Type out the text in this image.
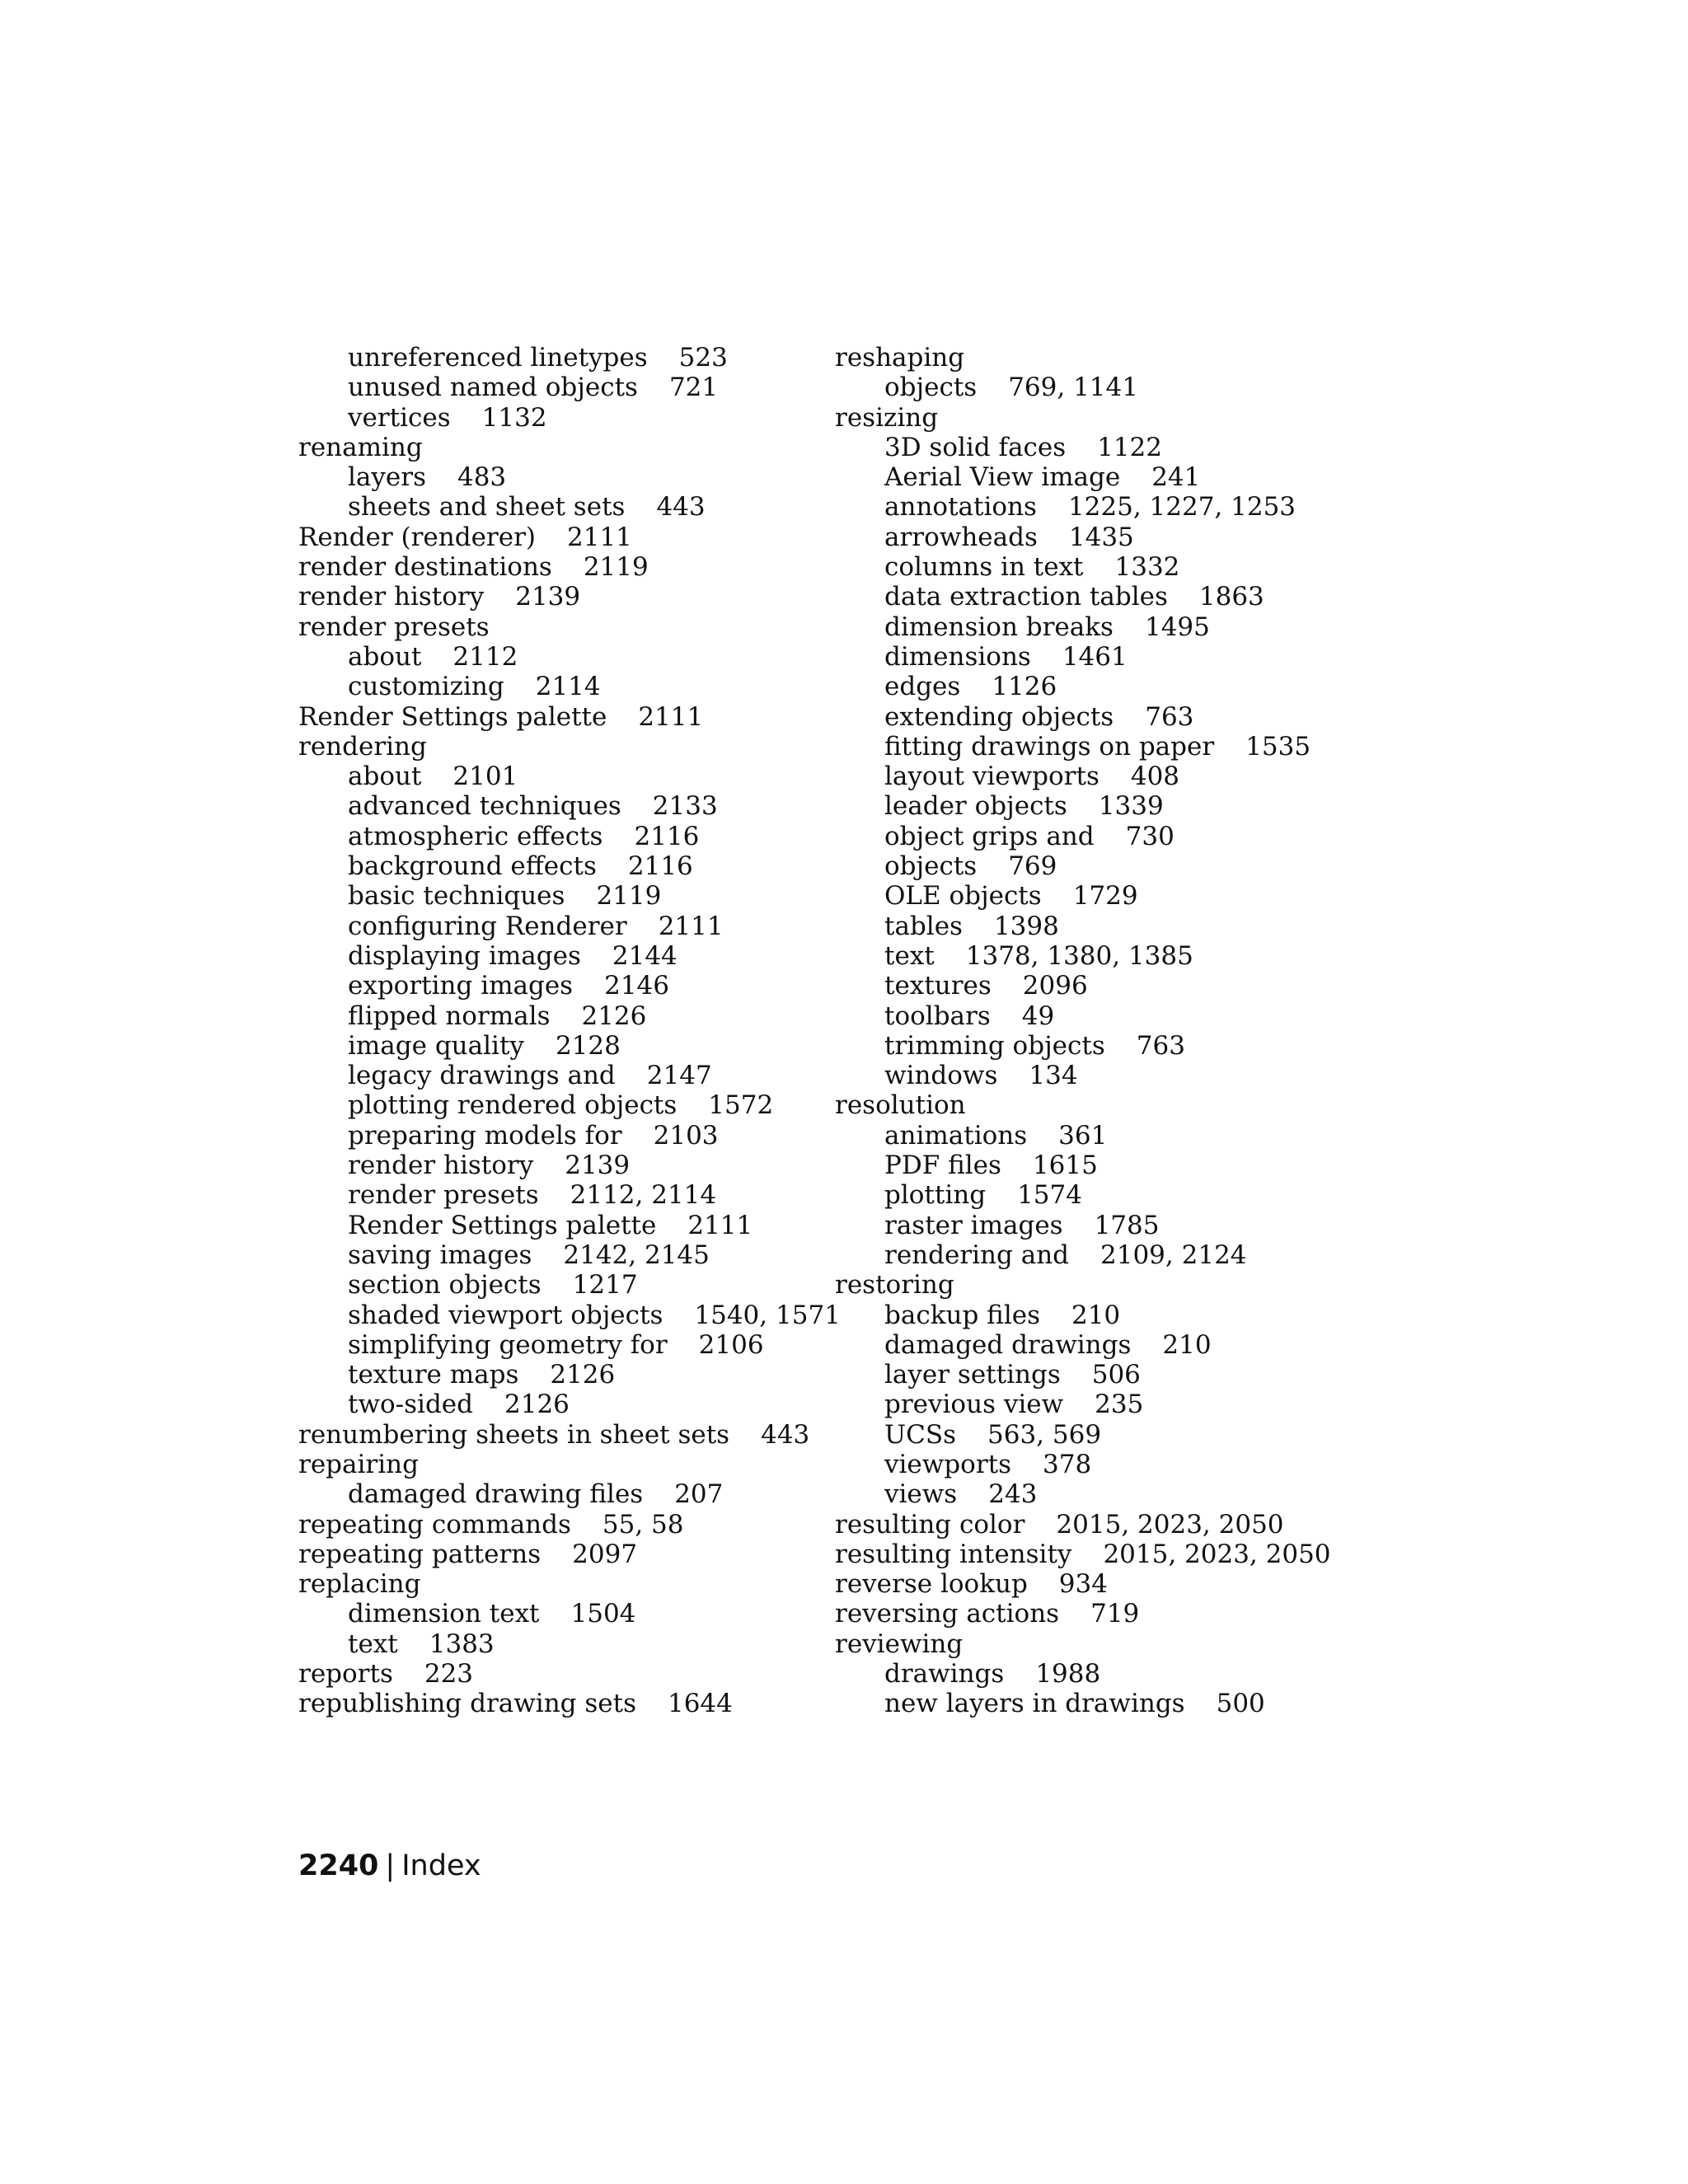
unreferenced linetypes 523
unused named objects 721
vertices 1132
renaming
layers 483
sheets and sheet sets 443
Render (renderer) 2111
render destinations 2119
render history 2139
render presets
about 2112
customizing 2114
Render Settings palette 2111
rendering
about 2101
advanced techniques 2133
atmospheric effects 2116
background effects 2116
basic techniques 2119
configuring Renderer 2111
displaying images 2144
exporting images 2146
flipped normals 2126
image quality 2128
legacy drawings and 2147
plotting rendered objects 1572
preparing models for 2103
render history 2139
render presets 2112, 2114
Render Settings palette 2111
saving images 2142, 2145
section objects 1217
shaded viewport objects 1540, 1571
simplifying geometry for 2106
texture maps 2126
two-sided 2126
renumbering sheets in sheet sets 443
repairing
damaged drawing files 207
repeating commands 55, 58
repeating patterns 2097
replacing
dimension text 1504
text 1383
reports 223
republishing drawing sets 1644
reshaping
objects 769, 1141
resizing
3D solid faces 1122
Aerial View image 241
annotations 1225, 1227, 1253
arrowheads 1435
columns in text 1332
data extraction tables 1863
dimension breaks 1495
dimensions 1461
edges 1126
extending objects 763
fitting drawings on paper 1535
layout viewports 408
leader objects 1339
object grips and 730
objects 769
OLE objects 1729
tables 1398
text 1378, 1380, 1385
textures 2096
toolbars 49
trimming objects 763
windows 134
resolution
animations 361
PDF files 1615
plotting 1574
raster images 1785
rendering and 2109, 2124
restoring
backup files 210
damaged drawings 210
layer settings 506
previous view 235
UCSs 563, 569
viewports 378
views 243
resulting color 2015, 2023, 2050
resulting intensity 2015, 2023, 2050
reverse lookup 934
reversing actions 719
reviewing
drawings 1988
new layers in drawings 500
2240 | Index
